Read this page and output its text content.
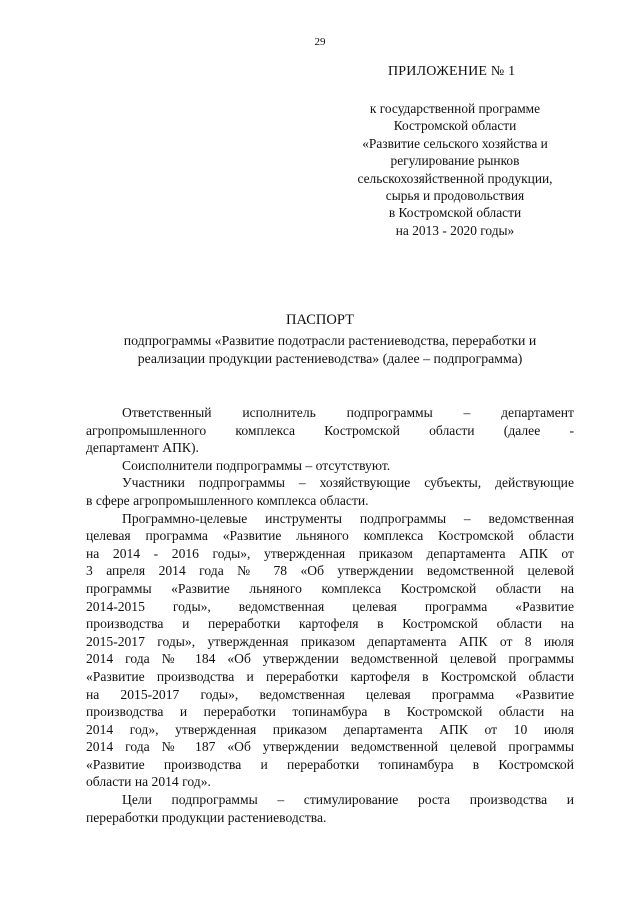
29
ПРИЛОЖЕНИЕ № 1
к государственной программе
Костромской области
«Развитие сельского хозяйства и
регулирование рынков
сельскохозяйственной продукции,
сырья и продовольствия
в Костромской области
на 2013 - 2020 годы»
ПАСПОРТ
подпрограммы «Развитие подотрасли растениеводства, переработки и
реализации продукции растениеводства» (далее – подпрограмма)
Ответственный исполнитель подпрограммы – департамент
агропромышленного комплекса Костромской области (далее -
департамент АПК).
Соисполнители подпрограммы – отсутствуют.
Участники подпрограммы – хозяйствующие субъекты, действующие
в сфере агропромышленного комплекса области.
Программно-целевые инструменты подпрограммы – ведомственная
целевая программа «Развитие льняного комплекса Костромской области
на 2014 - 2016 годы», утвержденная приказом департамента АПК от
3 апреля 2014 года № 78 «Об утверждении ведомственной целевой
программы «Развитие льняного комплекса Костромской области на
2014-2015 годы», ведомственная целевая программа «Развитие
производства и переработки картофеля в Костромской области на
2015-2017 годы», утвержденная приказом департамента АПК от 8 июля
2014 года № 184 «Об утверждении ведомственной целевой программы
«Развитие производства и переработки картофеля в Костромской области
на 2015-2017 годы», ведомственная целевая программа «Развитие
производства и переработки топинамбура в Костромской области на
2014 год», утвержденная приказом департамента АПК от 10 июля
2014 года № 187 «Об утверждении ведомственной целевой программы
«Развитие производства и переработки топинамбура в Костромской
области на 2014 год».
Цели подпрограммы – стимулирование роста производства и
переработки продукции растениеводства.
